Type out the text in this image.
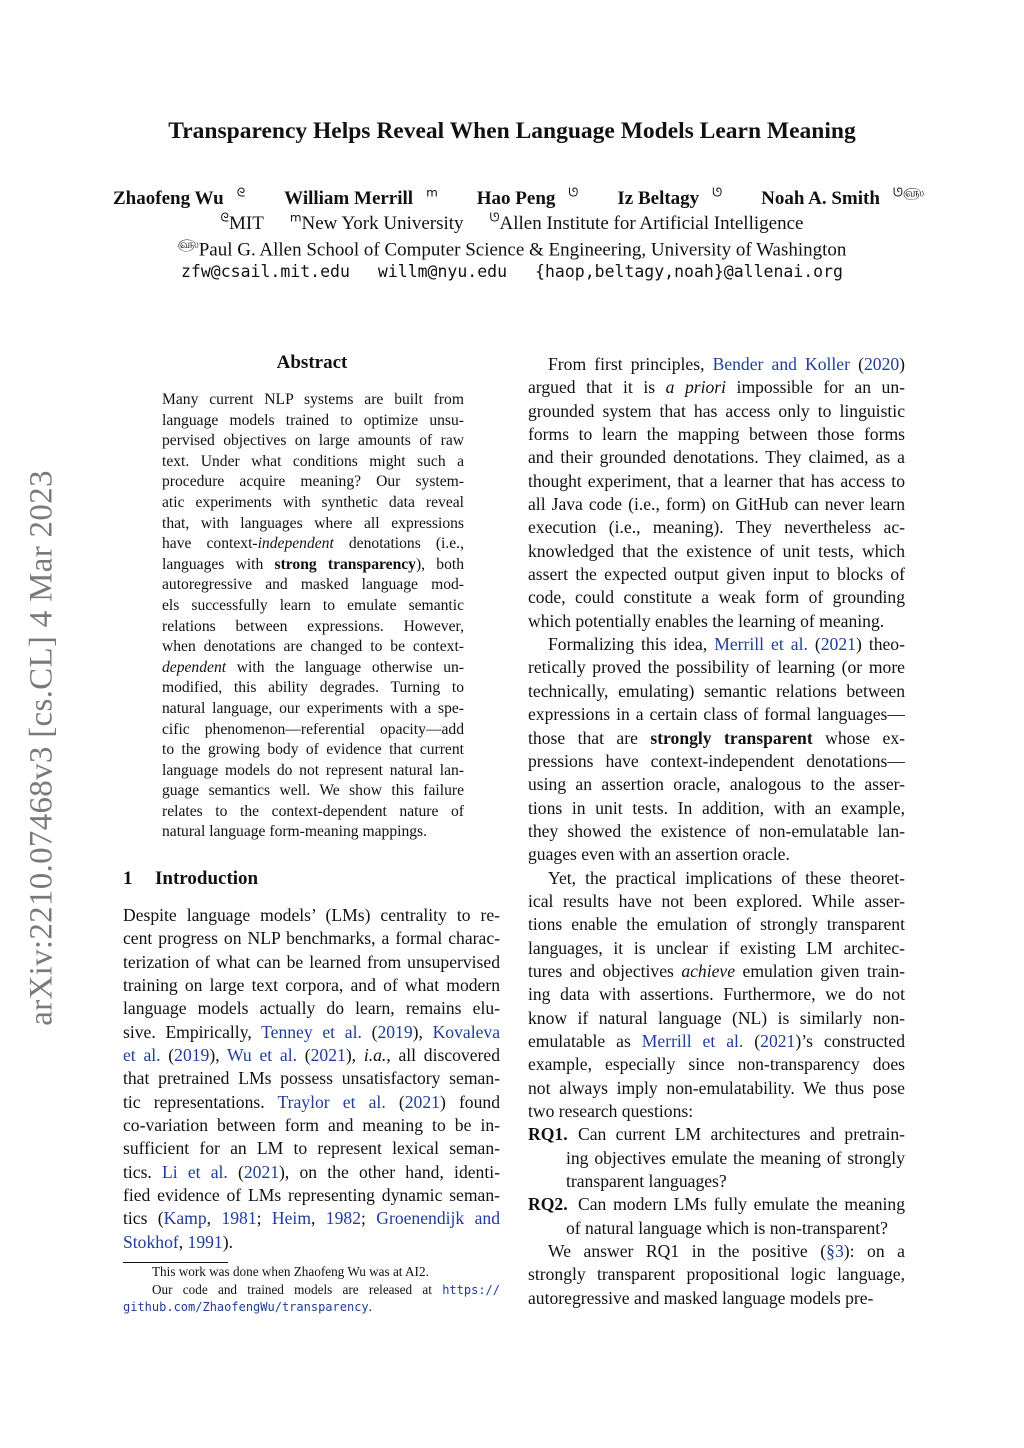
arXiv:2210.07468v3 [cs.CL] 4 Mar 2023
Transparency Helps Reveal When Language Models Learn Meaning
Zhaofeng Wu $^ᘓ$ William Merrill $^ⅿ$ Hao Peng $^ᘎ$ Iz Beltagy $^ᘎ$ Noah A. Smith $^{ᘎ௵}$
$^ᘓ$MIT $^ⅿ$New York University $^ᘎ$Allen Institute for Artificial Intelligence
௵Paul G. Allen School of Computer Science & Engineering, University of Washington
zfw@csail.mit.edu willm@nyu.edu {haop,beltagy,noah}@allenai.org
Abstract
Many current NLP systems are built from
language models trained to optimize unsu-
pervised objectives on large amounts of raw
text. Under what conditions might such a
procedure acquire meaning? Our system-
atic experiments with synthetic data reveal
that, with languages where all expressions
have context-independent denotations (i.e.,
languages with strong transparency), both
autoregressive and masked language mod-
els successfully learn to emulate semantic
relations between expressions. However,
when denotations are changed to be context-
dependent with the language otherwise un-
modified, this ability degrades. Turning to
natural language, our experiments with a spe-
cific phenomenon—referential opacity—add
to the growing body of evidence that current
language models do not represent natural lan-
guage semantics well. We show this failure
relates to the context-dependent nature of
natural language form-meaning mappings.
1 Introduction
Despite language models’ (LMs) centrality to re-
cent progress on NLP benchmarks, a formal charac-
terization of what can be learned from unsupervised
training on large text corpora, and of what modern
language models actually do learn, remains elu-
sive. Empirically, Tenney et al. (2019), Kovaleva
et al. (2019), Wu et al. (2021), i.a., all discovered
that pretrained LMs possess unsatisfactory seman-
tic representations. Traylor et al. (2021) found
co-variation between form and meaning to be in-
sufficient for an LM to represent lexical seman-
tics. Li et al. (2021), on the other hand, identi-
fied evidence of LMs representing dynamic seman-
tics (Kamp, 1981; Heim, 1982; Groenendijk and
Stokhof, 1991).
From first principles, Bender and Koller (2020)
argued that it is a priori impossible for an un-
grounded system that has access only to linguistic
forms to learn the mapping between those forms
and their grounded denotations. They claimed, as a
thought experiment, that a learner that has access to
all Java code (i.e., form) on GitHub can never learn
execution (i.e., meaning). They nevertheless ac-
knowledged that the existence of unit tests, which
assert the expected output given input to blocks of
code, could constitute a weak form of grounding
which potentially enables the learning of meaning.
Formalizing this idea, Merrill et al. (2021) theo-
retically proved the possibility of learning (or more
technically, emulating) semantic relations between
expressions in a certain class of formal languages—
those that are strongly transparent whose ex-
pressions have context-independent denotations—
using an assertion oracle, analogous to the asser-
tions in unit tests. In addition, with an example,
they showed the existence of non-emulatable lan-
guages even with an assertion oracle.
Yet, the practical implications of these theoret-
ical results have not been explored. While asser-
tions enable the emulation of strongly transparent
languages, it is unclear if existing LM architec-
tures and objectives achieve emulation given train-
ing data with assertions. Furthermore, we do not
know if natural language (NL) is similarly non-
emulatable as Merrill et al. (2021)’s constructed
example, especially since non-transparency does
not always imply non-emulatability. We thus pose
two research questions:
RQ1. Can current LM architectures and pretrain-
ing objectives emulate the meaning of strongly
transparent languages?
RQ2. Can modern LMs fully emulate the meaning
of natural language which is non-transparent?
We answer RQ1 in the positive (§3): on a
strongly transparent propositional logic language,
autoregressive and masked language models pre-
This work was done when Zhaofeng Wu was at AI2.
Our code and trained models are released at https://
github.com/ZhaofengWu/transparency.
